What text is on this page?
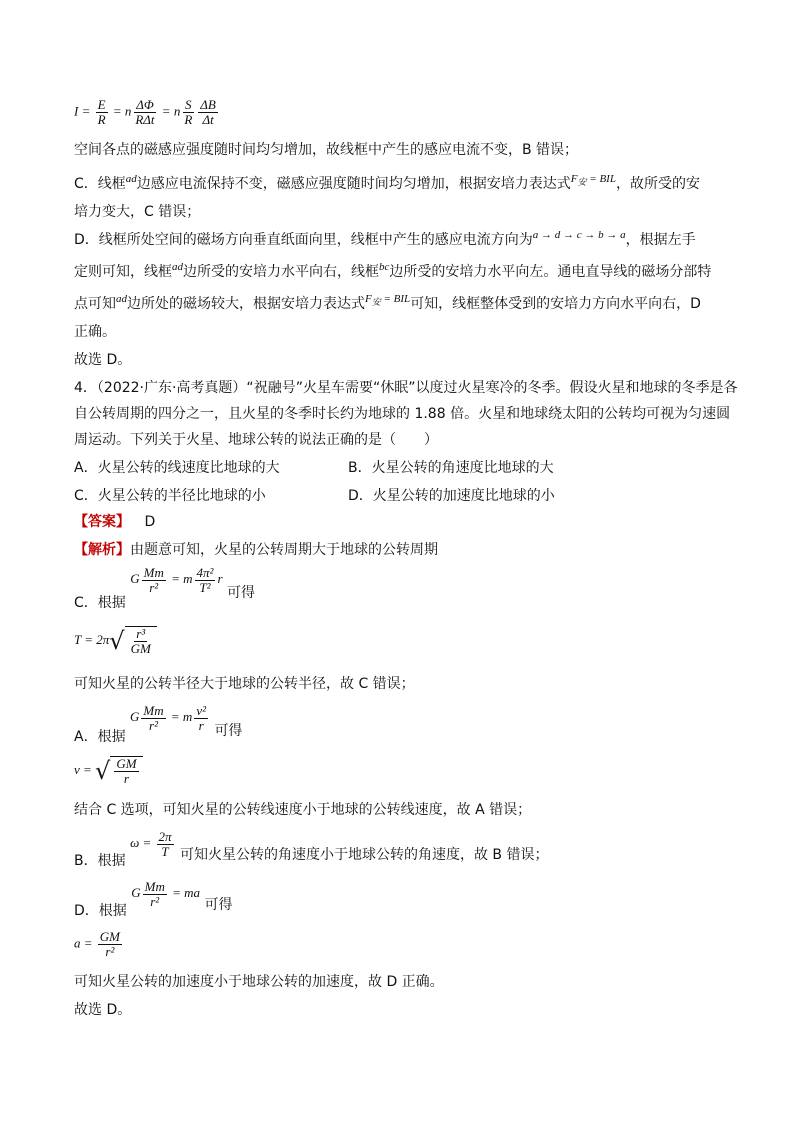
$I = \frac{E}{R} = n \frac{\Delta\Phi}{\text{RΔt}} = n \frac{S}{R} \frac{\Delta B}{\Delta t}$
空间各点的磁感应强度随时间均匀增加，故线框中产生的感应电流不变，B 错误；
C．线框$^{ad}$边感应电流保持不变，磁感应强度随时间均匀增加，根据安培力表达式$^{F_安 = BIL}$，故所受的安
培力变大，C 错误；
D．线框所处空间的磁场方向垂直纸面向里，线框中产生的感应电流方向为$^{a \to d \to c \to b \to a}$，根据左手
定则可知，线框$^{ad}$边所受的安培力水平向右，线框$^{bc}$边所受的安培力水平向左。通电直导线的磁场分部特
点可知$^{ad}$边所处的磁场较大，根据安培力表达式$^{F_安 = BIL}$可知，线框整体受到的安培力方向水平向右，D
正确。
故选 D。
4．（2022·广东·高考真题）“祝融号”火星车需要“休眠”以度过火星寒冷的冬季。假设火星和地球的冬季是各
自公转周期的四分之一，且火星的冬季时长约为地球的 1.88 倍。火星和地球绕太阳的公转均可视为匀速圆
周运动。下列关于火星、地球公转的说法正确的是（　　）
A．火星公转的线速度比地球的大	B．火星公转的角速度比地球的大
C．火星公转的半径比地球的小	D．火星公转的加速度比地球的小
【答案】 D
【解析】由题意可知，火星的公转周期大于地球的公转周期
C．根据 G $\frac{Mm}{\text{r²}} = m \frac{\text{4π²}}{\text{T²}}$ r 可得
T = 2π √ $\frac{\text{r³}}{GM}$
可知火星的公转半径大于地球的公转半径，故 C 错误；
A．根据 G $\frac{Mm}{\text{r²}} = m \frac{\text{v²}}{r}$ 可得
v = √ $\frac{GM}{r}$
结合 C 选项，可知火星的公转线速度小于地球的公转线速度，故 A 错误；
B．根据 $\omega = \frac{2\pi}{T}$ 可知火星公转的角速度小于地球公转的角速度，故 B 错误；
D．根据 G $\frac{Mm}{\text{r²}}$ = ma 可得
$a = \frac{GM}{\text{r²}}$
可知火星公转的加速度小于地球公转的加速度，故 D 正确。
故选 D。
